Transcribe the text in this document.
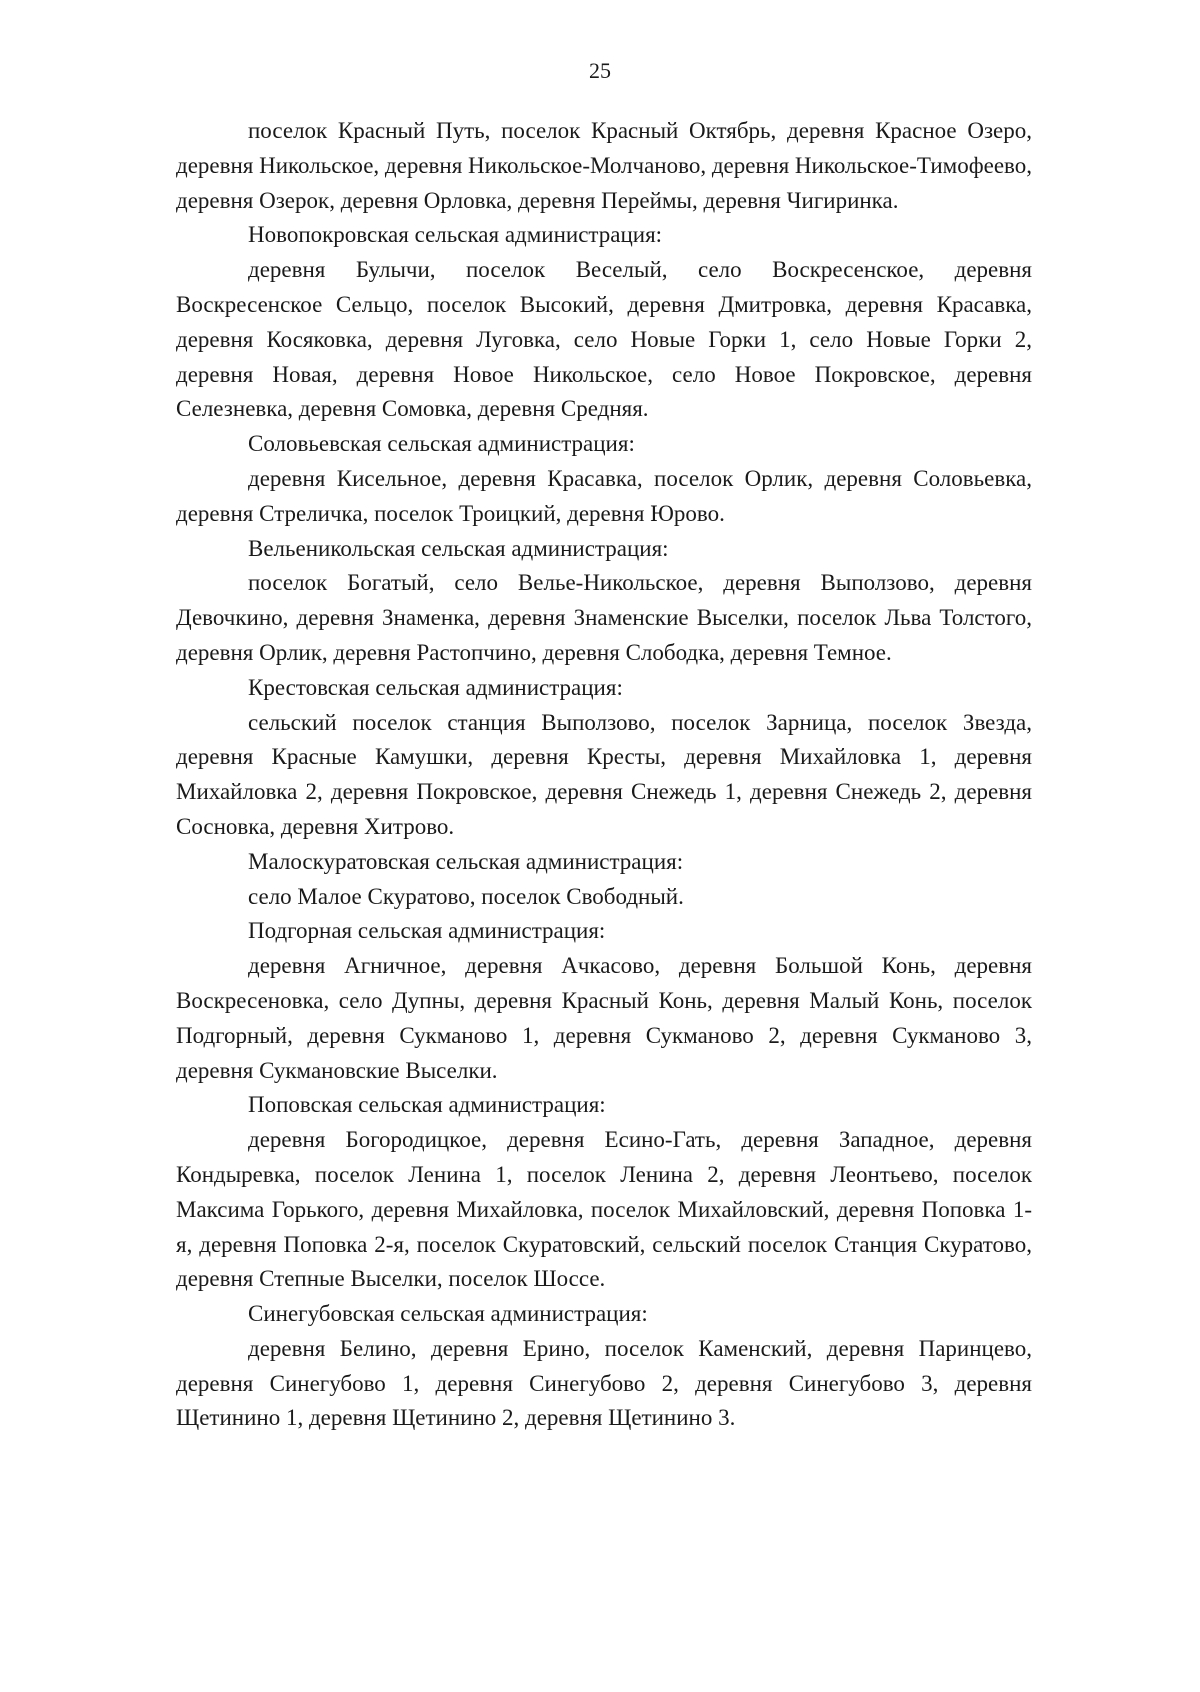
25

поселок Красный Путь, поселок Красный Октябрь, деревня Красное Озеро, деревня Никольское, деревня Никольское-Молчаново, деревня Никольское-Тимофеево, деревня Озерок, деревня Орловка, деревня Переймы, деревня Чигиринка.

Новопокровская сельская администрация:

деревня Булычи, поселок Веселый, село Воскресенское, деревня Воскресенское Сельцо, поселок Высокий, деревня Дмитровка, деревня Красавка, деревня Косяковка, деревня Луговка, село Новые Горки 1, село Новые Горки 2, деревня Новая, деревня Новое Никольское, село Новое Покровское, деревня Селезневка, деревня Сомовка, деревня Средняя.

Соловьевская сельская администрация:

деревня Кисельное, деревня Красавка, поселок Орлик, деревня Соловьевка, деревня Стреличка, поселок Троицкий, деревня Юрово.

Вельеникольская сельская администрация:

поселок Богатый, село Велье-Никольское, деревня Выползово, деревня Девочкино, деревня Знаменка, деревня Знаменские Выселки, поселок Льва Толстого, деревня Орлик, деревня Растопчино, деревня Слободка, деревня Темное.

Крестовская сельская администрация:

сельский поселок станция Выползово, поселок Зарница, поселок Звезда, деревня Красные Камушки, деревня Кресты, деревня Михайловка 1, деревня Михайловка 2, деревня Покровское, деревня Снежедь 1, деревня Снежедь 2, деревня Сосновка, деревня Хитрово.

Малоскуратовская сельская администрация:

село Малое Скуратово, поселок Свободный.

Подгорная сельская администрация:

деревня Агничное, деревня Ачкасово, деревня Большой Конь, деревня Воскресеновка, село Дупны, деревня Красный Конь, деревня Малый Конь, поселок Подгорный, деревня Сукманово 1, деревня Сукманово 2, деревня Сукманово 3, деревня Сукмановские Выселки.

Поповская сельская администрация:

деревня Богородицкое, деревня Есино-Гать, деревня Западное, деревня Кондыревка, поселок Ленина 1, поселок Ленина 2, деревня Леонтьево, поселок Максима Горького, деревня Михайловка, поселок Михайловский, деревня Поповка 1-я, деревня Поповка 2-я, поселок Скуратовский, сельский поселок Станция Скуратово, деревня Степные Выселки, поселок Шоссе.

Синегубовская сельская администрация:

деревня Белино, деревня Ерино, поселок Каменский, деревня Паринцево, деревня Синегубово 1, деревня Синегубово 2, деревня Синегубово 3, деревня Щетинино 1, деревня Щетинино 2, деревня Щетинино 3.
